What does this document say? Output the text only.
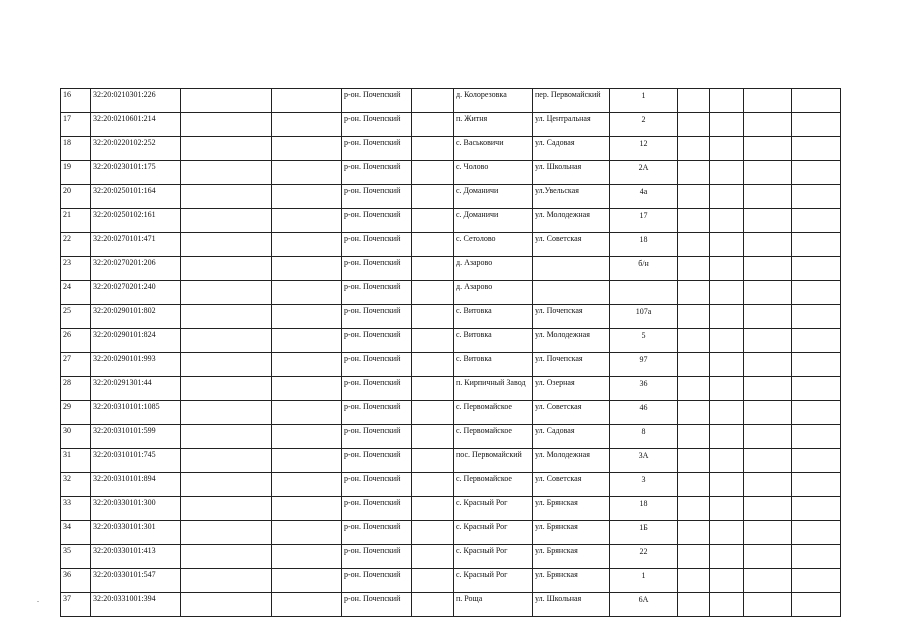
16	32:20:0210301:226			р-он. Почепский		д. Колорезовка	пер. Первомайский	1				
17	32:20:0210601:214			р-он. Почепский		п. Житня	ул. Центральная	2				
18	32:20:0220102:252			р-он. Почепский		с. Васьковичи	ул. Садовая	12				
19	32:20:0230101:175			р-он. Почепский		с. Чолово	ул. Школьная	2А				
20	32:20:0250101:164			р-он. Почепский		с. Доманичи	ул.Увельская	4а				
21	32:20:0250102:161			р-он. Почепский		с. Доманичи	ул. Молодежная	17				
22	32:20:0270101:471			р-он. Почепский		с. Сетолово	ул. Советская	18				
23	32:20:0270201:206			р-он. Почепский		д. Азарово		б/н				
24	32:20:0270201:240			р-он. Почепский		д. Азарово						
25	32:20:0290101:802			р-он. Почепский		с. Витовка	ул. Почепская	107а				
26	32:20:0290101:824			р-он. Почепский		с. Витовка	ул. Молодежная	5				
27	32:20:0290101:993			р-он. Почепский		с. Витовка	ул. Почепская	97				
28	32:20:0291301:44			р-он. Почепский		п. Кирпичный Завод	ул. Озерная	36				
29	32:20:0310101:1085			р-он. Почепский		с. Первомайское	ул. Советская	46				
30	32:20:0310101:599			р-он. Почепский		с. Первомайское	ул. Садовая	8				
31	32:20:0310101:745			р-он. Почепский		пос. Первомайский	ул. Молодежная	3А				
32	32:20:0310101:894			р-он. Почепский		с. Первомайское	ул. Советская	3				
33	32:20:0330101:300			р-он. Почепский		с. Красный Рог	ул. Брянская	18				
34	32:20:0330101:301			р-он. Почепский		с. Красный Рог	ул. Брянская	1Б				
35	32:20:0330101:413			р-он. Почепский		с. Красный Рог	ул. Брянская	22				
36	32:20:0330101:547			р-он. Почепский		с. Красный Рог	ул. Брянская	1				
37	32:20:0331001:394			р-он. Почепский		п. Роща	ул. Школьная	6А				
